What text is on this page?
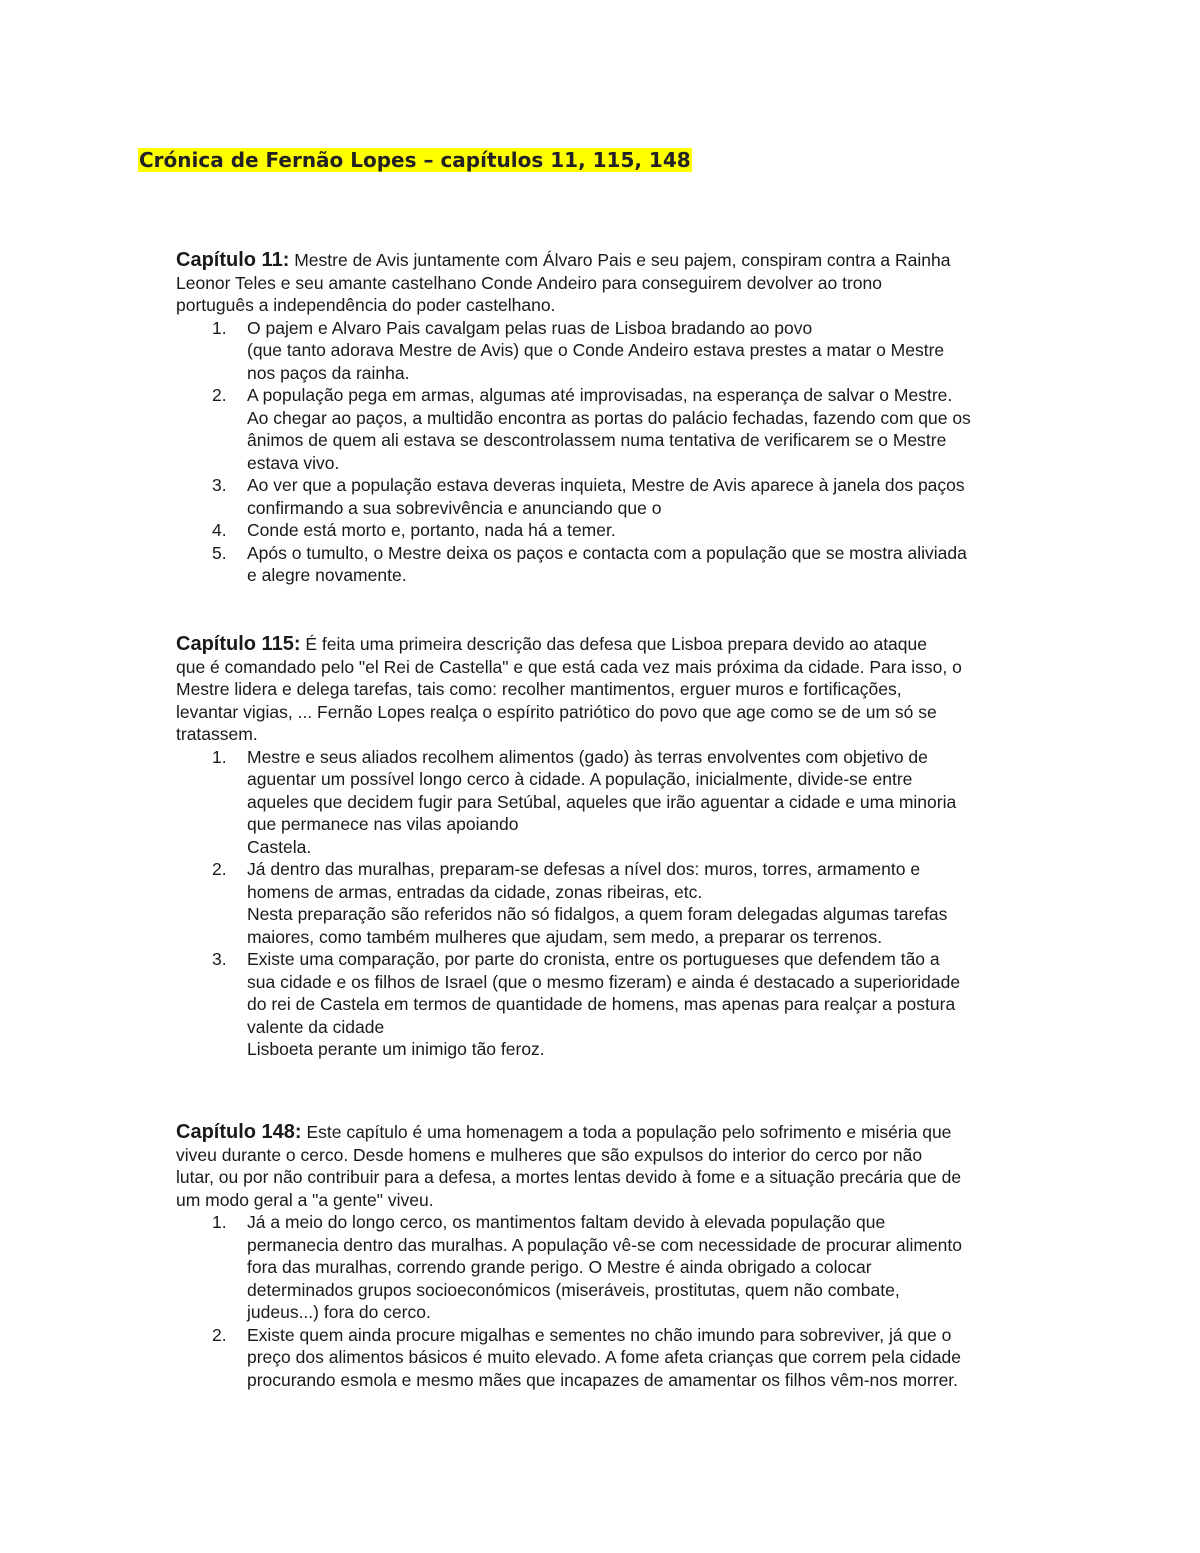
Crónica de Fernão Lopes – capítulos 11, 115, 148

Capítulo 11: Mestre de Avis juntamente com Álvaro Pais e seu pajem, conspiram contra a Rainha
Leonor Teles e seu amante castelhano Conde Andeiro para conseguirem devolver ao trono
português a independência do poder castelhano.

1.	O pajem e Alvaro Pais cavalgam pelas ruas de Lisboa bradando ao povo
(que tanto adorava Mestre de Avis) que o Conde Andeiro estava prestes a matar o Mestre
nos paços da rainha.
2.	A população pega em armas, algumas até improvisadas, na esperança de salvar o Mestre.
Ao chegar ao paços, a multidão encontra as portas do palácio fechadas, fazendo com que os
ânimos de quem ali estava se descontrolassem numa tentativa de verificarem se o Mestre
estava vivo.
3.	Ao ver que a população estava deveras inquieta, Mestre de Avis aparece à janela dos paços
confirmando a sua sobrevivência e anunciando que o
4.	Conde está morto e, portanto, nada há a temer.
5.	Após o tumulto, o Mestre deixa os paços e contacta com a população que se mostra aliviada
e alegre novamente.

Capítulo 115: É feita uma primeira descrição das defesa que Lisboa prepara devido ao ataque
que é comandado pelo "el Rei de Castella" e que está cada vez mais próxima da cidade. Para isso, o
Mestre lidera e delega tarefas, tais como: recolher mantimentos, erguer muros e fortificações,
levantar vigias, ... Fernão Lopes realça o espírito patriótico do povo que age como se de um só se
tratassem.

1.	Mestre e seus aliados recolhem alimentos (gado) às terras envolventes com objetivo de
aguentar um possível longo cerco à cidade. A população, inicialmente, divide-se entre
aqueles que decidem fugir para Setúbal, aqueles que irão aguentar a cidade e uma minoria
que permanece nas vilas apoiando
Castela.
2.	Já dentro das muralhas, preparam-se defesas a nível dos: muros, torres, armamento e
homens de armas, entradas da cidade, zonas ribeiras, etc.
Nesta preparação são referidos não só fidalgos, a quem foram delegadas algumas tarefas
maiores, como também mulheres que ajudam, sem medo, a preparar os terrenos.
3.	Existe uma comparação, por parte do cronista, entre os portugueses que defendem tão a
sua cidade e os filhos de Israel (que o mesmo fizeram) e ainda é destacado a superioridade
do rei de Castela em termos de quantidade de homens, mas apenas para realçar a postura
valente da cidade
Lisboeta perante um inimigo tão feroz.

Capítulo 148: Este capítulo é uma homenagem a toda a população pelo sofrimento e miséria que
viveu durante o cerco. Desde homens e mulheres que são expulsos do interior do cerco por não
lutar, ou por não contribuir para a defesa, a mortes lentas devido à fome e a situação precária que de
um modo geral a "a gente" viveu.

1.	Já a meio do longo cerco, os mantimentos faltam devido à elevada população que
permanecia dentro das muralhas. A população vê-se com necessidade de procurar alimento
fora das muralhas, correndo grande perigo. O Mestre é ainda obrigado a colocar
determinados grupos socioeconómicos (miseráveis, prostitutas, quem não combate,
judeus...) fora do cerco.
2.	Existe quem ainda procure migalhas e sementes no chão imundo para sobreviver, já que o
preço dos alimentos básicos é muito elevado. A fome afeta crianças que correm pela cidade
procurando esmola e mesmo mães que incapazes de amamentar os filhos vêm-nos morrer.
